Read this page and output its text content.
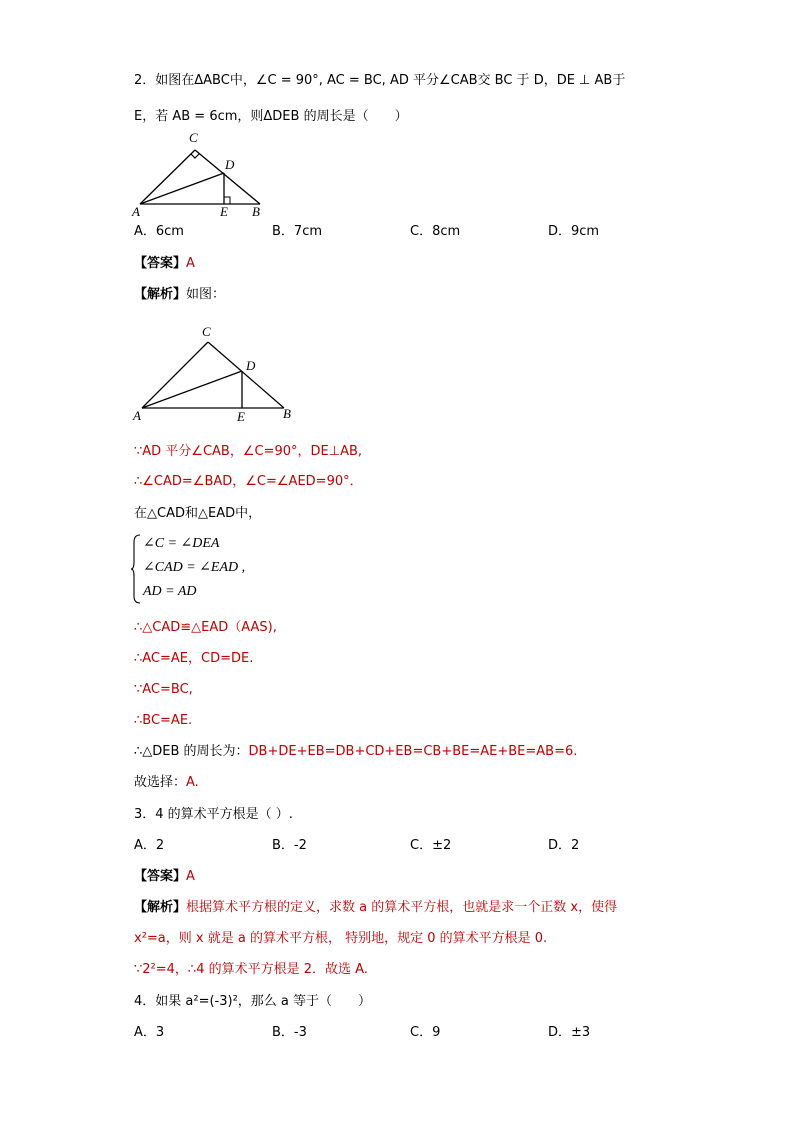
2．如图在ΔABC中，∠C = 90°, AC = BC, AD 平分∠CAB交 BC 于 D，DE ⊥ AB于
E，若 AB = 6cm，则ΔDEB 的周长是（　　）
C
D
A	E B
A．6cm	B．7cm	C．8cm	D．9cm
【答案】A
【解析】如图：
C
D
A	E	B
∵AD 平分∠CAB，∠C=90°，DE⊥AB,
∴∠CAD=∠BAD，∠C=∠AED=90°．
在△CAD和△EAD中，
∠C = ∠DEA
∠CAD = ∠EAD ,
AD = AD
∴△CAD≌△EAD（AAS),
∴AC=AE，CD=DE.
∵AC=BC,
∴BC=AE.
∴△DEB 的周长为：DB+DE+EB=DB+CD+EB=CB+BE=AE+BE=AB=6.
故选择：A.
3．4 的算术平方根是（ ）.
A．2	B．-2	C．±2	D．2
【答案】A
【解析】根据算术平方根的定义，求数 a 的算术平方根，也就是求一个正数 x，使得
x²=a，则 x 就是 a 的算术平方根， 特别地，规定 0 的算术平方根是 0.
∵2²=4，∴4 的算术平方根是 2．故选 A.
4．如果 a²=(-3)²，那么 a 等于（　　）
A．3	B．-3	C．9	D．±3
